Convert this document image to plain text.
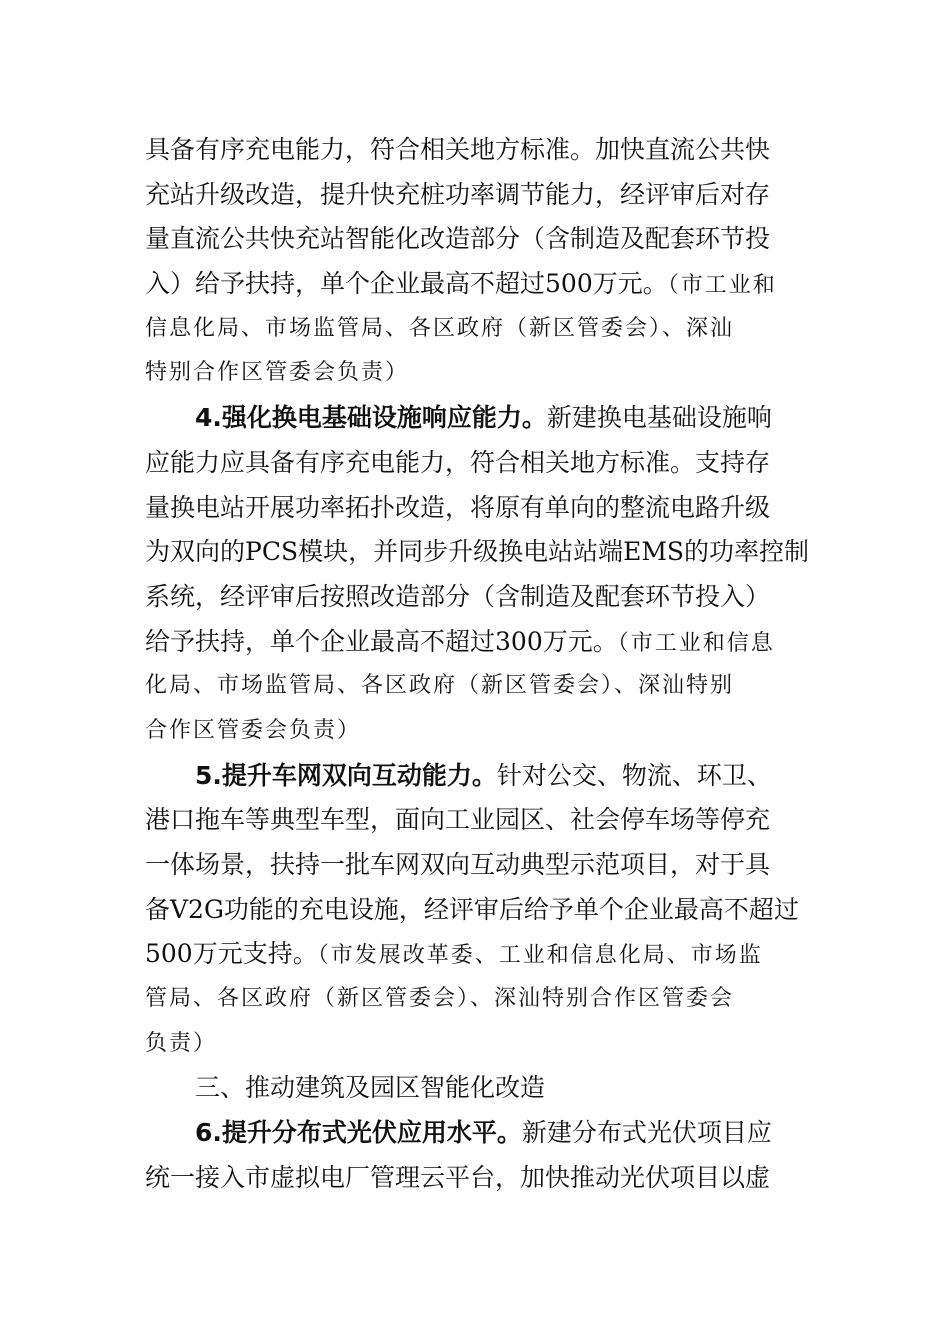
具备有序充电能力，符合相关地方标准。加快直流公共快
充站升级改造，提升快充桩功率调节能力，经评审后对存
量直流公共快充站智能化改造部分（含制造及配套环节投
入）给予扶持，单个企业最高不超过500万元。（市工业和
信息化局、市场监管局、各区政府（新区管委会）、深汕
特别合作区管委会负责）
4.强化换电基础设施响应能力。新建换电基础设施响
应能力应具备有序充电能力，符合相关地方标准。支持存
量换电站开展功率拓扑改造，将原有单向的整流电路升级
为双向的PCS模块，并同步升级换电站站端EMS的功率控制
系统，经评审后按照改造部分（含制造及配套环节投入）
给予扶持，单个企业最高不超过300万元。（市工业和信息
化局、市场监管局、各区政府（新区管委会）、深汕特别
合作区管委会负责）
5.提升车网双向互动能力。针对公交、物流、环卫、
港口拖车等典型车型，面向工业园区、社会停车场等停充
一体场景，扶持一批车网双向互动典型示范项目，对于具
备V2G功能的充电设施，经评审后给予单个企业最高不超过
500万元支持。（市发展改革委、工业和信息化局、市场监
管局、各区政府（新区管委会）、深汕特别合作区管委会
负责）
三、推动建筑及园区智能化改造
6.提升分布式光伏应用水平。新建分布式光伏项目应
统一接入市虚拟电厂管理云平台，加快推动光伏项目以虚
